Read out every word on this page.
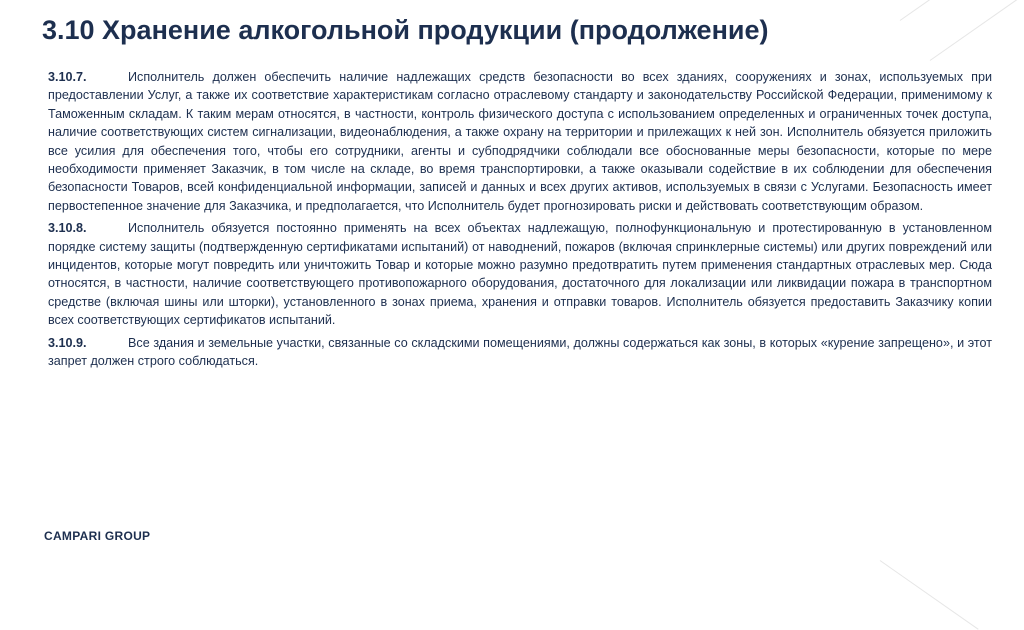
3.10 Хранение алкогольной продукции (продолжение)

3.10.7.	Исполнитель должен обеспечить наличие надлежащих средств безопасности во всех зданиях, сооружениях и зонах, используемых при предоставлении Услуг, а также их соответствие характеристикам согласно отраслевому стандарту и законодательству Российской Федерации, применимому к Таможенным складам. К таким мерам относятся, в частности, контроль физического доступа с использованием определенных и ограниченных точек доступа, наличие соответствующих систем сигнализации, видеонаблюдения, а также охрану на территории и прилежащих к ней зон. Исполнитель обязуется приложить все усилия для обеспечения того, чтобы его сотрудники, агенты и субподрядчики соблюдали все обоснованные меры безопасности, которые по мере необходимости применяет Заказчик, в том числе на складе, во время транспортировки, а также оказывали содействие в их соблюдении для обеспечения безопасности Товаров, всей конфиденциальной информации, записей и данных и всех других активов, используемых в связи с Услугами. Безопасность имеет первостепенное значение для Заказчика, и предполагается, что Исполнитель будет прогнозировать риски и действовать соответствующим образом.

3.10.8.	Исполнитель обязуется постоянно применять на всех объектах надлежащую, полнофункциональную и протестированную в установленном порядке систему защиты (подтвержденную сертификатами испытаний) от наводнений, пожаров (включая спринклерные системы) или других повреждений или инцидентов, которые могут повредить или уничтожить Товар и которые можно разумно предотвратить путем применения стандартных отраслевых мер. Сюда относятся, в частности, наличие соответствующего противопожарного оборудования, достаточного для локализации или ликвидации пожара в транспортном средстве (включая шины или шторки), установленного в зонах приема, хранения и отправки товаров. Исполнитель обязуется предоставить Заказчику копии всех соответствующих сертификатов испытаний.

3.10.9.	Все здания и земельные участки, связанные со складскими помещениями, должны содержаться как зоны, в которых «курение запрещено», и этот запрет должен строго соблюдаться.

CAMPARI GROUP
